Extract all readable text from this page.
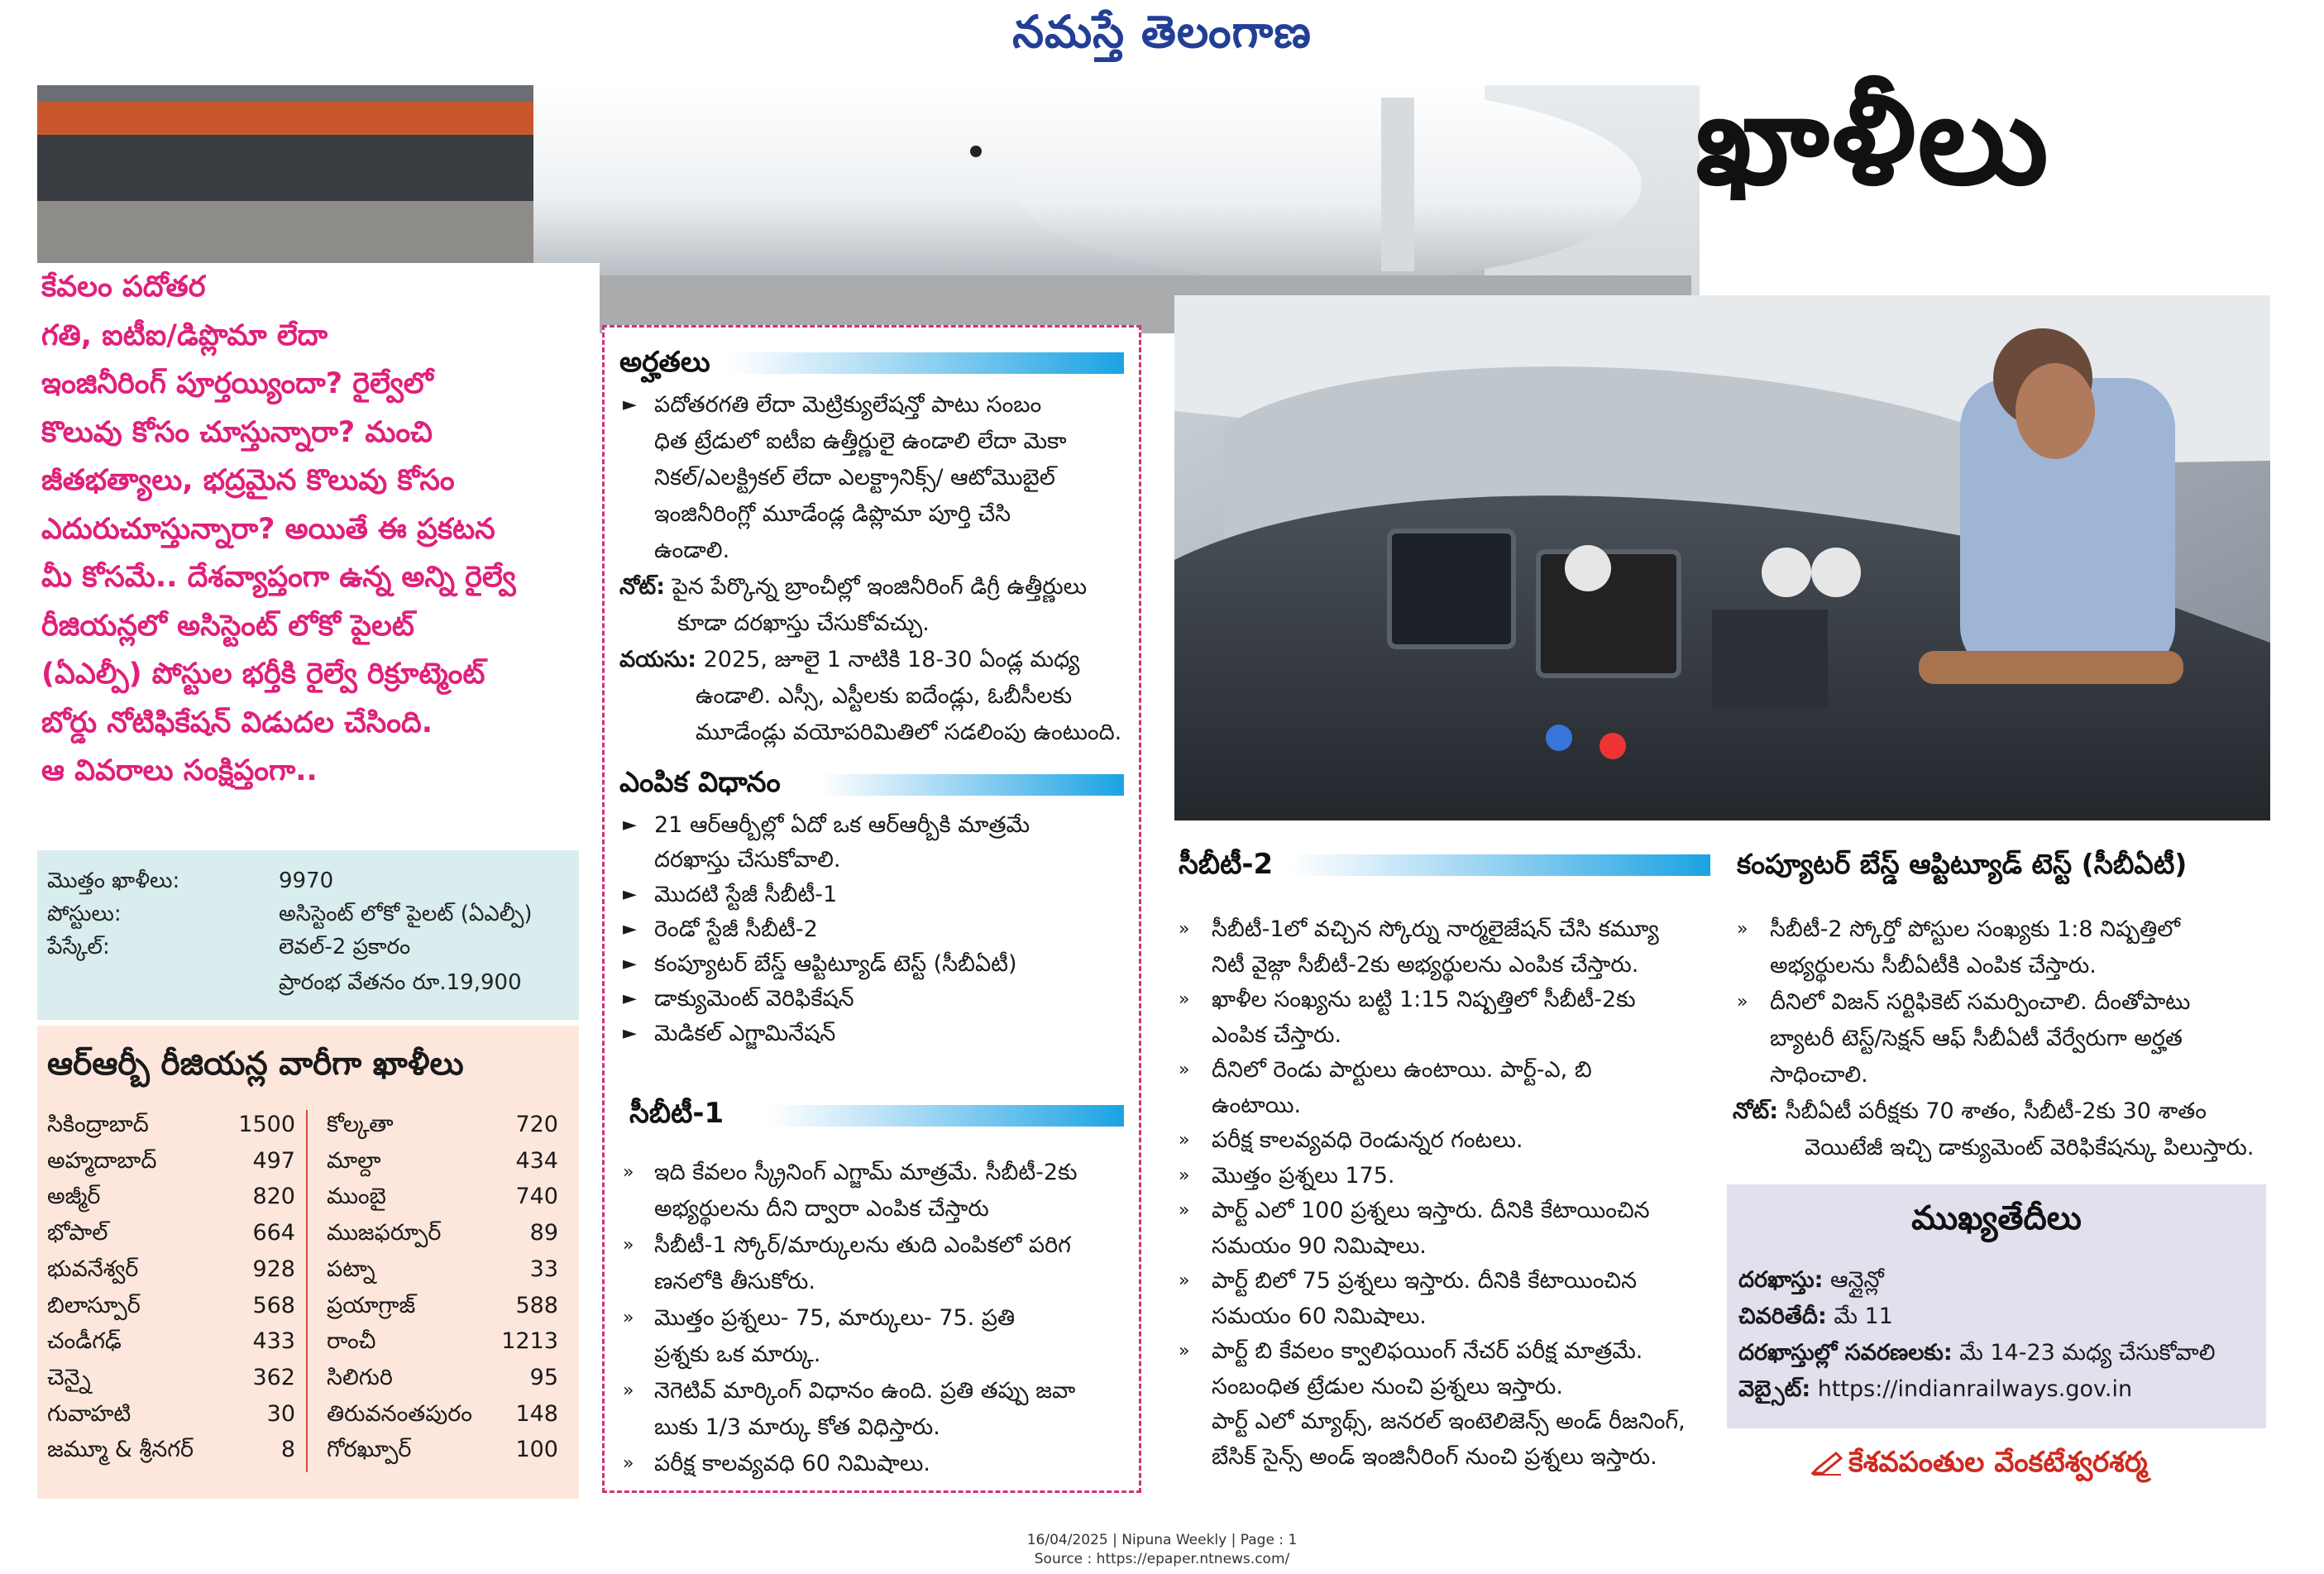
నమస్తే తెలంగాణ
ఖాళీలు
కేవలం పదోతర
గతి, ఐటీఐ/డిప్లొమా లేదా
ఇంజినీరింగ్ పూర్తయ్యిందా? రైల్వేలో
కొలువు కోసం చూస్తున్నారా? మంచి
జీతభత్యాలు, భద్రమైన కొలువు కోసం
ఎదురుచూస్తున్నారా? అయితే ఈ ప్రకటన
మీ కోసమే.. దేశవ్యాప్తంగా ఉన్న అన్ని రైల్వే
రీజియన్లలో అసిస్టెంట్ లోకో పైలట్
(ఏఎల్పీ) పోస్టుల భర్తీకి రైల్వే రిక్రూట్మెంట్
బోర్డు నోటిఫికేషన్ విడుదల చేసింది.
ఆ వివరాలు సంక్షిప్తంగా..
మొత్తం ఖాళీలు:	9970
పోస్టులు:	అసిస్టెంట్ లోకో పైలట్ (ఏఎల్పీ)
పేస్కేల్:	లెవల్-2 ప్రకారం
ప్రారంభ వేతనం రూ.19,900
ఆర్ఆర్బీ రీజియన్ల వారీగా ఖాళీలు
సికింద్రాబాద్	1500
అహ్మదాబాద్	497
అజ్మీర్	820
భోపాల్	664
భువనేశ్వర్	928
బిలాస్పూర్	568
చండీగఢ్	433
చెన్నై	362
గువాహటి	30
జమ్మూ & శ్రీనగర్	8
కోల్కతా	720
మాల్దా	434
ముంబై	740
ముజఫర్పూర్	89
పట్నా	33
ప్రయాగ్రాజ్	588
రాంచీ	1213
సిలిగురి	95
తిరువనంతపురం	148
గోరఖ్పూర్	100
అర్హతలు
► పదోతరగతి లేదా మెట్రిక్యులేషన్తో పాటు సంబం
ధిత ట్రేడులో ఐటీఐ ఉత్తీర్ణులై ఉండాలి లేదా మెకా
నికల్/ఎలక్ట్రికల్ లేదా ఎలక్ట్రానిక్స్/ ఆటోమొబైల్
ఇంజినీరింగ్లో మూడేండ్ల డిప్లొమా పూర్తి చేసి
ఉండాలి.
నోట్: పైన పేర్కొన్న బ్రాంచీల్లో ఇంజినీరింగ్ డిగ్రీ ఉత్తీర్ణులు
కూడా దరఖాస్తు చేసుకోవచ్చు.
వయసు: 2025, జూలై 1 నాటికి 18-30 ఏండ్ల మధ్య
ఉండాలి. ఎస్సీ, ఎస్టీలకు ఐదేండ్లు, ఓబీసీలకు
మూడేండ్లు వయోపరిమితిలో సడలింపు ఉంటుంది.
ఎంపిక విధానం
సీబీటీ-1
► 21 ఆర్ఆర్బీల్లో ఏదో ఒక ఆర్ఆర్బీకి మాత్రమే
దరఖాస్తు చేసుకోవాలి.
► మొదటి స్టేజీ సీబీటీ-1
► రెండో స్టేజీ సీబీటీ-2
► కంప్యూటర్ బేస్డ్ ఆప్టిట్యూడ్ టెస్ట్ (సీబీఏటీ)
► డాక్యుమెంట్ వెరిఫికేషన్
► మెడికల్ ఎగ్జామినేషన్
» ఇది కేవలం స్క్రీనింగ్ ఎగ్జామ్ మాత్రమే. సీబీటీ-2కు
అభ్యర్థులను దీని ద్వారా ఎంపిక చేస్తారు
» సీబీటీ-1 స్కోర్/మార్కులను తుది ఎంపికలో పరిగ
ణనలోకి తీసుకోరు.
» మొత్తం ప్రశ్నలు- 75, మార్కులు- 75. ప్రతి
ప్రశ్నకు ఒక మార్కు.
» నెగెటివ్ మార్కింగ్ విధానం ఉంది. ప్రతి తప్పు జవా
బుకు 1/3 మార్కు కోత విధిస్తారు.
» పరీక్ష కాలవ్యవధి 60 నిమిషాలు.
సీబీటీ-2	కంప్యూటర్ బేస్డ్ ఆప్టిట్యూడ్ టెస్ట్ (సీబీఏటీ)
నోట్: సీబీఏటీ పరీక్షకు 70 శాతం, సీబీటీ-2కు 30 శాతం
వెయిటేజీ ఇచ్చి డాక్యుమెంట్ వెరిఫికేషన్కు పిలుస్తారు.
ముఖ్యతేదీలు
దరఖాస్తు: ఆన్లైన్లో
చివరితేదీ: మే 11
దరఖాస్తుల్లో సవరణలకు: మే 14-23 మధ్య చేసుకోవాలి
వెబ్సైట్: https://indianrailways.gov.in
కేశవపంతుల వేంకటేశ్వరశర్మ
16/04/2025 | Nipuna Weekly | Page : 1
Source : https://epaper.ntnews.com/
» సీబీటీ-1లో వచ్చిన స్కోర్ను నార్మలైజేషన్ చేసి కమ్యూ
నిటీ వైజ్గా సీబీటీ-2కు అభ్యర్థులను ఎంపిక చేస్తారు.
» ఖాళీల సంఖ్యను బట్టి 1:15 నిష్పత్తిలో సీబీటీ-2కు
ఎంపిక చేస్తారు.
» దీనిలో రెండు పార్టులు ఉంటాయి. పార్ట్-ఎ, బి
ఉంటాయి.
» పరీక్ష కాలవ్యవధి రెండున్నర గంటలు.
» మొత్తం ప్రశ్నలు 175.
» పార్ట్ ఎలో 100 ప్రశ్నలు ఇస్తారు. దీనికి కేటాయించిన
సమయం 90 నిమిషాలు.
» పార్ట్ బిలో 75 ప్రశ్నలు ఇస్తారు. దీనికి కేటాయించిన
సమయం 60 నిమిషాలు.
» పార్ట్ బి కేవలం క్వాలిఫయింగ్ నేచర్ పరీక్ష మాత్రమే.
సంబంధిత ట్రేడుల నుంచి ప్రశ్నలు ఇస్తారు.
పార్ట్ ఎలో మ్యాథ్స్, జనరల్ ఇంటెలిజెన్స్ అండ్ రీజనింగ్,
బేసిక్ సైన్స్ అండ్ ఇంజినీరింగ్ నుంచి ప్రశ్నలు ఇస్తారు.
» సీబీటీ-2 స్కోర్తో పోస్టుల సంఖ్యకు 1:8 నిష్పత్తిలో
అభ్యర్థులను సీబీఏటీకి ఎంపిక చేస్తారు.
» దీనిలో విజన్ సర్టిఫికెట్ సమర్పించాలి. దీంతోపాటు
బ్యాటరీ టెస్ట్/సెక్షన్ ఆఫ్ సీబీఏటీ వేర్వేరుగా అర్హత
సాధించాలి.
